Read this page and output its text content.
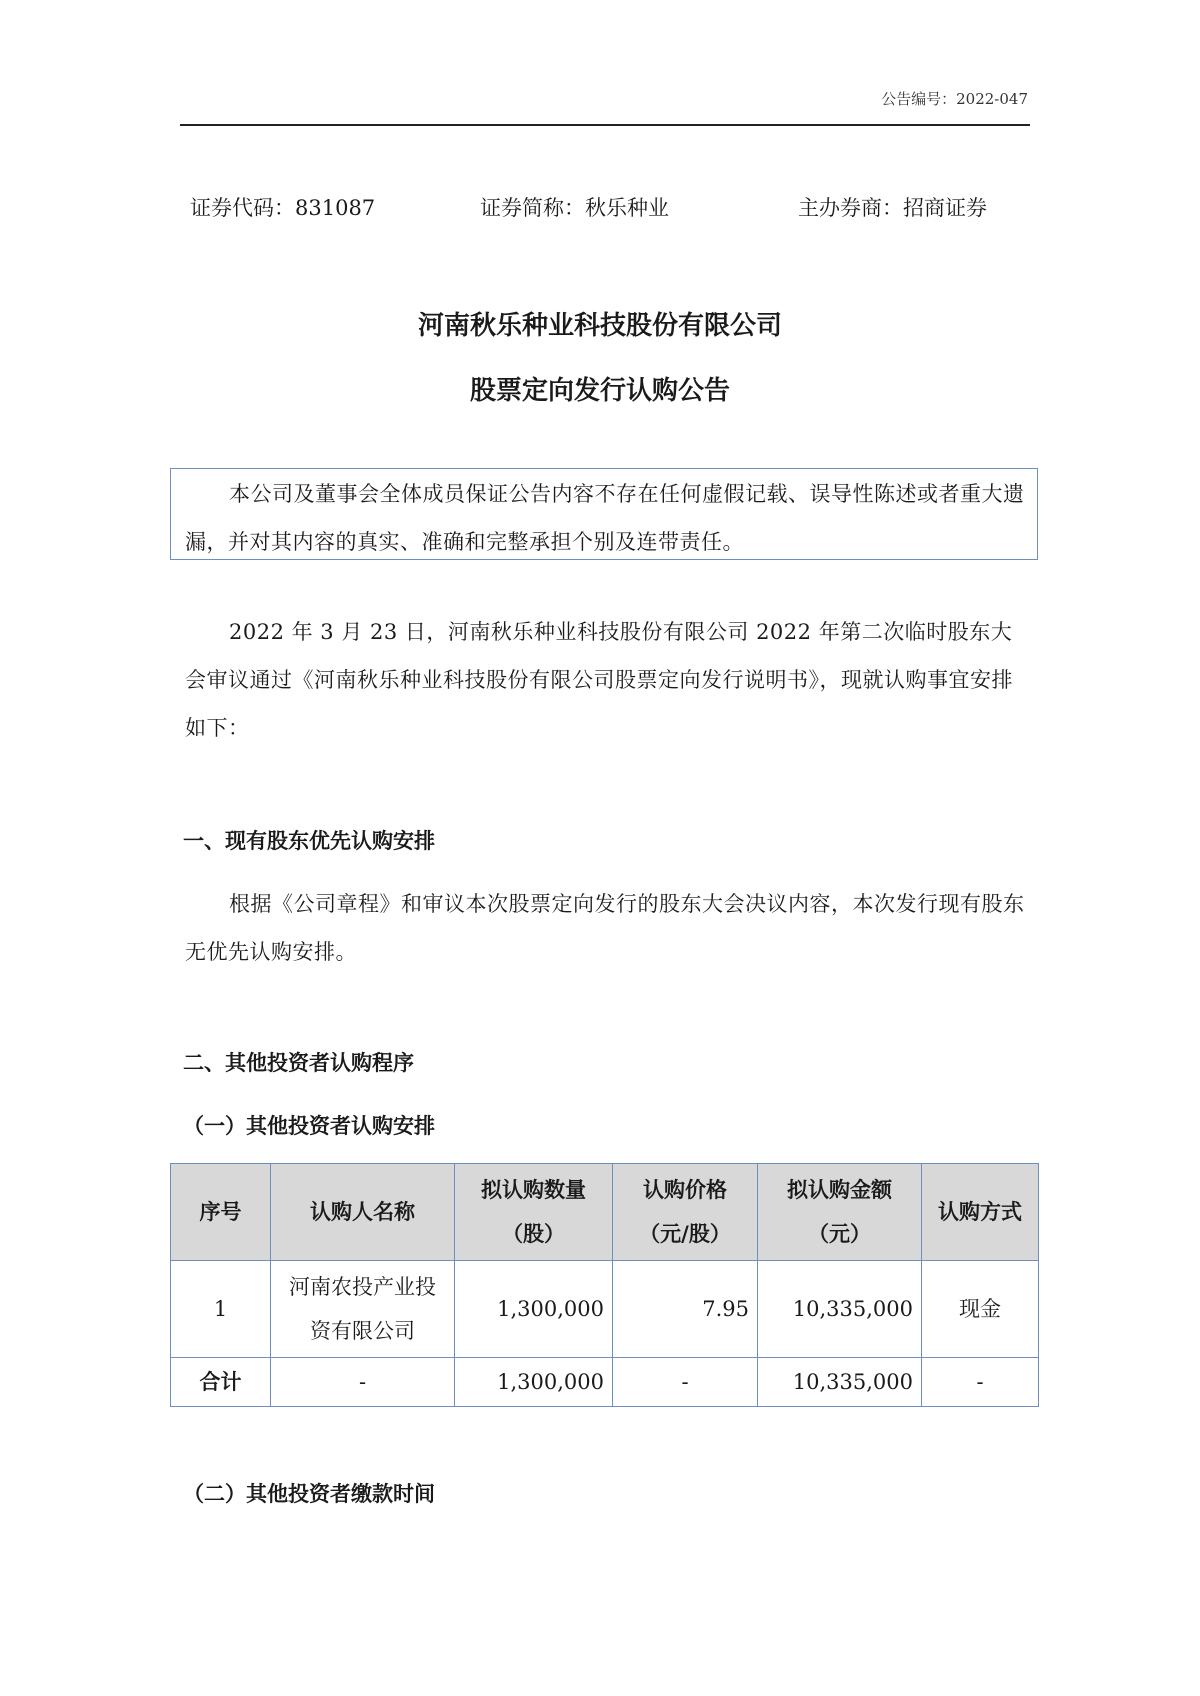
公告编号：2022-047
证券代码：831087	证券简称：秋乐种业	主办券商：招商证券
河南秋乐种业科技股份有限公司
股票定向发行认购公告
本公司及董事会全体成员保证公告内容不存在任何虚假记载、误导性陈述或者重大遗漏，并对其内容的真实、准确和完整承担个别及连带责任。
2022 年 3 月 23 日，河南秋乐种业科技股份有限公司 2022 年第二次临时股东大会审议通过《河南秋乐种业科技股份有限公司股票定向发行说明书》，现就认购事宜安排如下：
一、现有股东优先认购安排
根据《公司章程》和审议本次股票定向发行的股东大会决议内容，本次发行现有股东无优先认购安排。
二、其他投资者认购程序
（一）其他投资者认购安排
序号	认购人名称	拟认购数量（股）	认购价格（元/股）	拟认购金额（元）	认购方式
1	河南农投产业投资有限公司	1,300,000	7.95	10,335,000	现金
合计	-	1,300,000	-	10,335,000	-
（二）其他投资者缴款时间
